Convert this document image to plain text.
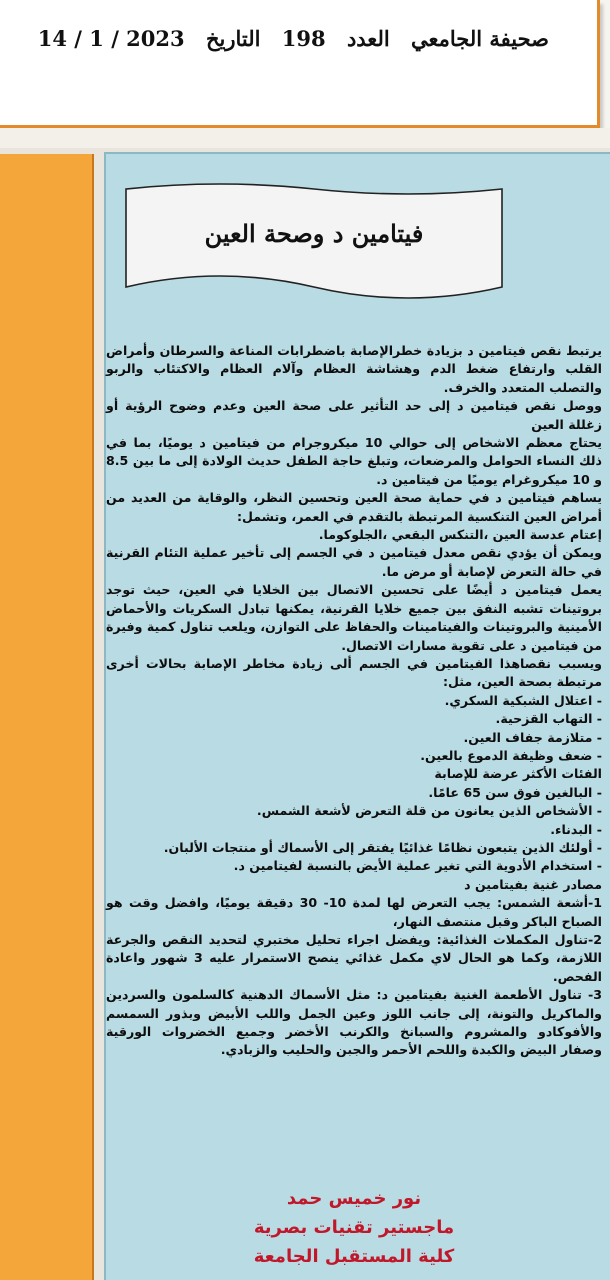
صحيفة الجامعي العدد 198 التاريخ 14 / 1 / 2023
فيتامين د وصحة العين

يرتبط نقص فيتامين د بزيادة خطرالإصابة باضطرابات المناعة والسرطان وأمراض القلب وارتفاع ضغط الدم وهشاشة العظام وآلام العظام والاكتئاب والربو والتصلب المتعدد والخرف.

ووصل نقص فيتامين د إلى حد التأثير على صحة العين وعدم وضوح الرؤية أو زغللة العين

يحتاج معظم الاشخاص إلى حوالي 10 ميكروجرام من فيتامين د يوميًا، بما في ذلك النساء الحوامل والمرضعات، وتبلغ حاجة الطفل حديث الولادة إلى ما بين 8.5 و 10 ميكروغرام يوميًا من فيتامين د.

يساهم فيتامين د في حماية صحة العين وتحسين النظر، والوقاية من العديد من أمراض العين التنكسية المرتبطة بالتقدم في العمر، وتشمل:

إعتام عدسة العين ،التنكس البقعي ،الجلوكوما.

ويمكن أن يؤدي نقص معدل فيتامين د في الجسم إلى تأخير عملية التئام القرنية في حالة التعرض لإصابة أو مرض ما.

يعمل فيتامين د أيضًا على تحسين الاتصال بين الخلايا في العين، حيث توجد بروتينات تشبه النفق بين جميع خلايا القرنية، يمكنها تبادل السكريات والأحماض الأمينية والبروتينات والفيتامينات والحفاظ على التوازن، ويلعب تناول كمية وفيرة من فيتامين د على تقوية مسارات الاتصال.

ويسبب نقصاهذا الفيتامين في الجسم ألى زيادة مخاطر الإصابة بحالات أخرى مرتبطة بصحة العين، مثل:

- اعتلال الشبكية السكري.

- التهاب القزحية.

- متلازمة جفاف العين.

- ضعف وظيفة الدموع بالعين.

الفئات الأكثر عرضة للإصابة

- البالغين فوق سن 65 عامًا.

- الأشخاص الذين يعانون من قلة التعرض لأشعة الشمس.

- البدناء.

- أولئك الذين يتبعون نظامًا غذائيًا يفتقر إلى الأسماك أو منتجات الألبان.

- استخدام الأدوية التي تغير عملية الأيض بالنسبة لفيتامين د.

مصادر غنية بفيتامين د

1-أشعة الشمس: يجب التعرض لها لمدة 10- 30 دقيقة يوميًا، وافضل وقت هو الصباح الباكر وقبل منتصف النهار،

2-تناول المكملات الغذائية: ويفضل اجراء تحليل مختبري لتحديد النقص والجرعة اللازمة، وكما هو الحال لاي مكمل غذائي ينصح الاستمرار عليه 3 شهور واعادة الفحص.

3- تناول الأطعمة الغنية بفيتامين د: مثل الأسماك الدهنية كالسلمون والسردين والماكريل والتونة، إلى جانب اللوز وعين الجمل واللب الأبيض وبذور السمسم والأفوكادو والمشروم والسبانخ والكرنب الأخضر وجميع الخضروات الورقية وصفار البيض والكبدة واللحم الأحمر والجبن والحليب والزبادي.

نور خميس حمد
ماجستير تقنيات بصرية
كلية المستقبل الجامعة
